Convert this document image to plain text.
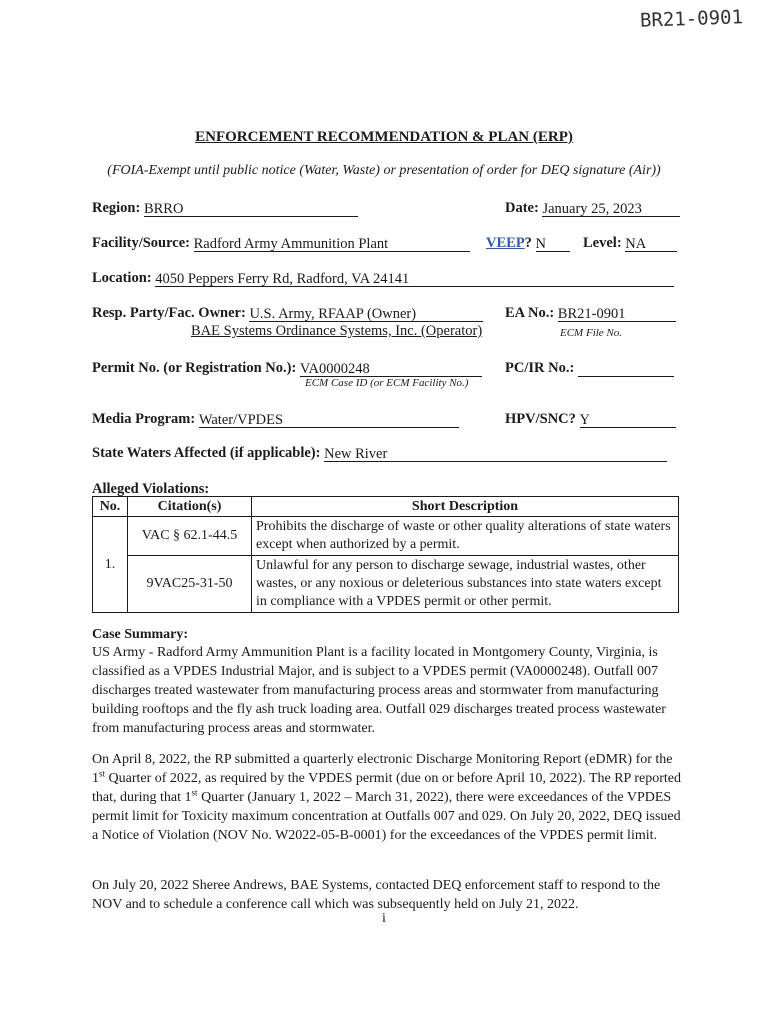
BR21-0901
ENFORCEMENT RECOMMENDATION & PLAN (ERP)
(FOIA-Exempt until public notice (Water, Waste) or presentation of order for DEQ signature (Air))
Region: BRRO	Date: January 25, 2023
Facility/Source: Radford Army Ammunition Plant	VEEP? N	Level: NA
Location: 4050 Peppers Ferry Rd, Radford, VA 24141
Resp. Party/Fac. Owner: U.S. Army, RFAAP (Owner)
BAE Systems Ordinance Systems, Inc. (Operator)
EA No.: BR21-0901
ECM File No.
Permit No. (or Registration No.): VA0000248
ECM Case ID (or ECM Facility No.)
PC/IR No.:
Media Program: Water/VPDES	HPV/SNC? Y
State Waters Affected (if applicable): New River
Alleged Violations:
No.	Citation(s)	Short Description
1.	VAC § 62.1-44.5	Prohibits the discharge of waste or other quality alterations of state waters except when authorized by a permit.
	9VAC25-31-50	Unlawful for any person to discharge sewage, industrial wastes, other wastes, or any noxious or deleterious substances into state waters except in compliance with a VPDES permit or other permit.
Case Summary:
US Army - Radford Army Ammunition Plant is a facility located in Montgomery County, Virginia, is classified as a VPDES Industrial Major, and is subject to a VPDES permit (VA0000248). Outfall 007 discharges treated wastewater from manufacturing process areas and stormwater from manufacturing building rooftops and the fly ash truck loading area. Outfall 029 discharges treated process wastewater from manufacturing process areas and stormwater.
On April 8, 2022, the RP submitted a quarterly electronic Discharge Monitoring Report (eDMR) for the 1st Quarter of 2022, as required by the VPDES permit (due on or before April 10, 2022). The RP reported that, during that 1st Quarter (January 1, 2022 – March 31, 2022), there were exceedances of the VPDES permit limit for Toxicity maximum concentration at Outfalls 007 and 029. On July 20, 2022, DEQ issued a Notice of Violation (NOV No. W2022-05-B-0001) for the exceedances of the VPDES permit limit.
On July 20, 2022 Sheree Andrews, BAE Systems, contacted DEQ enforcement staff to respond to the NOV and to schedule a conference call which was subsequently held on July 21, 2022.
i
